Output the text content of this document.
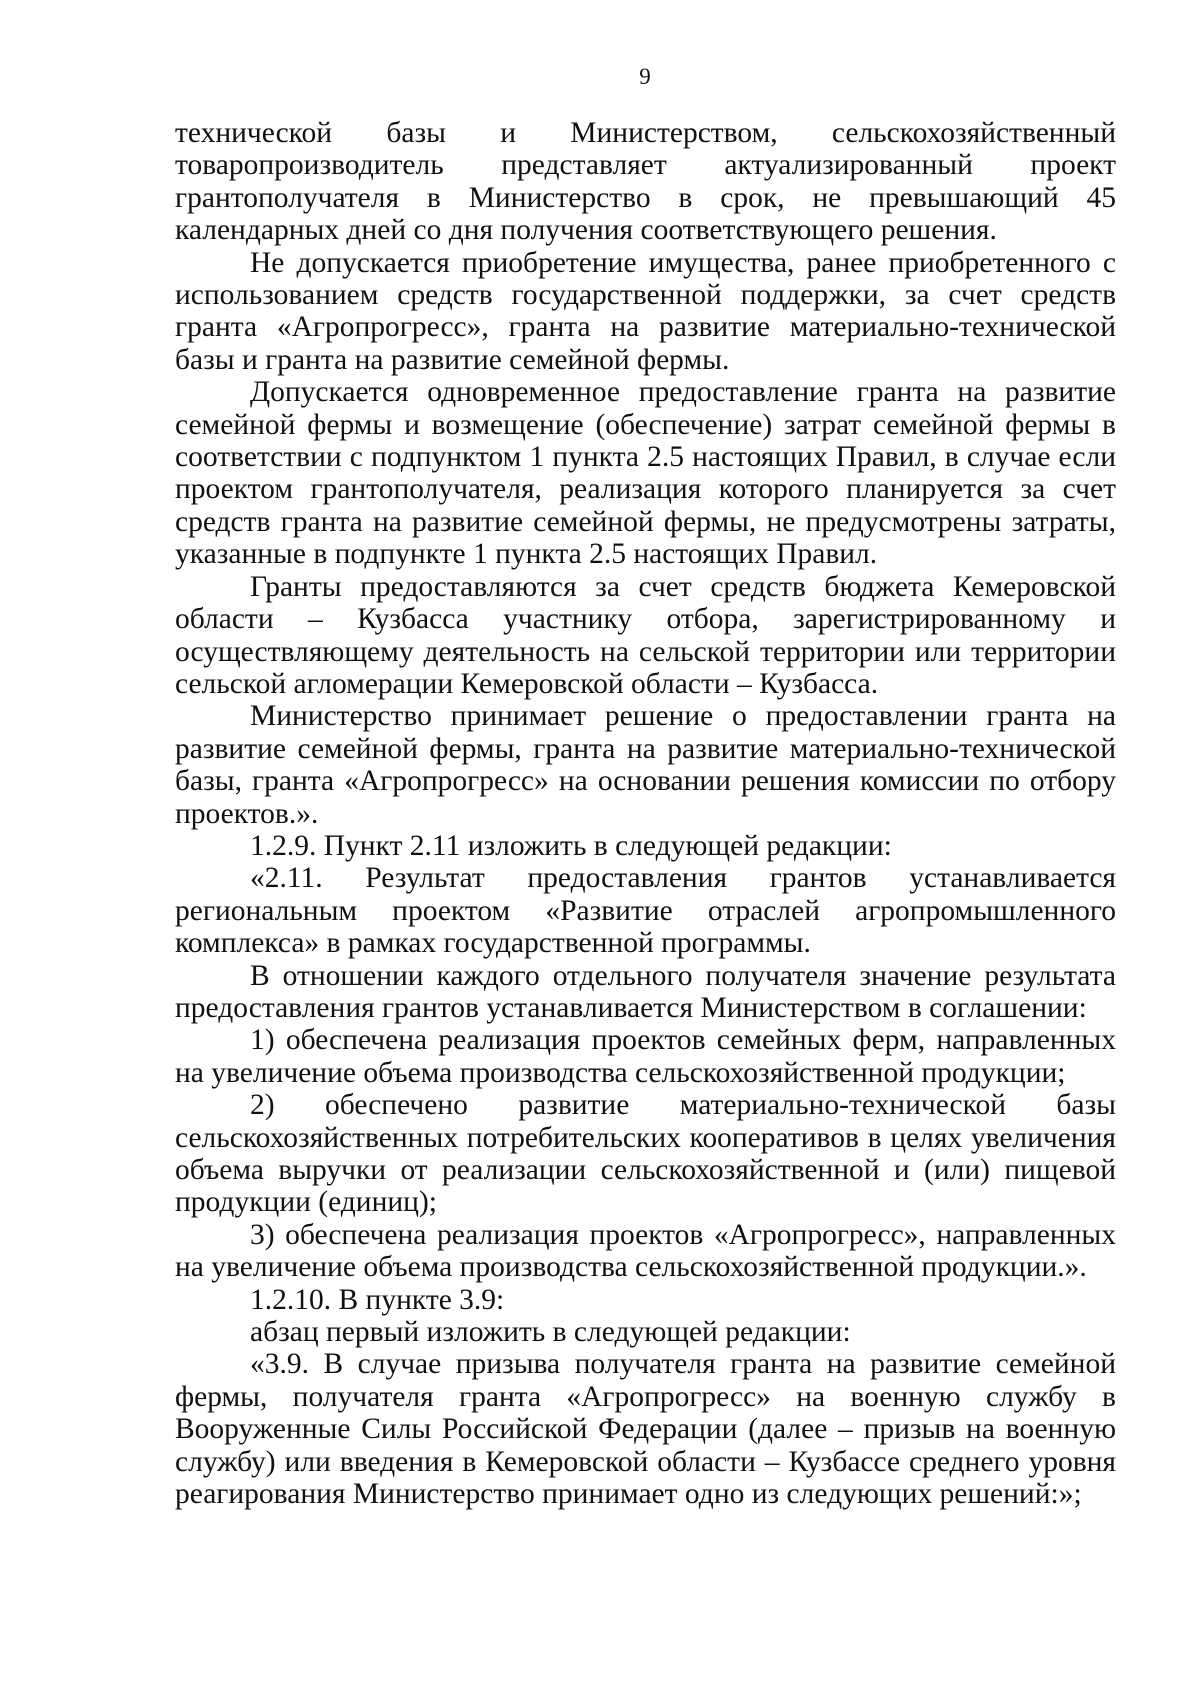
9

технической базы и Министерством, сельскохозяйственный товаропроизводитель представляет актуализированный проект грантополучателя в Министерство в срок, не превышающий 45 календарных дней со дня получения соответствующего решения.

Не допускается приобретение имущества, ранее приобретенного с использованием средств государственной поддержки, за счет средств гранта «Агропрогресс», гранта на развитие материально-технической базы и гранта на развитие семейной фермы.

Допускается одновременное предоставление гранта на развитие семейной фермы и возмещение (обеспечение) затрат семейной фермы в соответствии с подпунктом 1 пункта 2.5 настоящих Правил, в случае если проектом грантополучателя, реализация которого планируется за счет средств гранта на развитие семейной фермы, не предусмотрены затраты, указанные в подпункте 1 пункта 2.5 настоящих Правил.

Гранты предоставляются за счет средств бюджета Кемеровской области – Кузбасса участнику отбора, зарегистрированному и осуществляющему деятельность на сельской территории или территории сельской агломерации Кемеровской области – Кузбасса.

Министерство принимает решение о предоставлении гранта на развитие семейной фермы, гранта на развитие материально-технической базы, гранта «Агропрогресс» на основании решения комиссии по отбору проектов.».

1.2.9. Пункт 2.11 изложить в следующей редакции:

«2.11. Результат предоставления грантов устанавливается региональным проектом «Развитие отраслей агропромышленного комплекса» в рамках государственной программы.

В отношении каждого отдельного получателя значение результата предоставления грантов устанавливается Министерством в соглашении:

1) обеспечена реализация проектов семейных ферм, направленных на увеличение объема производства сельскохозяйственной продукции;

2) обеспечено развитие материально-технической базы сельскохозяйственных потребительских кооперативов в целях увеличения объема выручки от реализации сельскохозяйственной и (или) пищевой продукции (единиц);

3) обеспечена реализация проектов «Агропрогресс», направленных на увеличение объема производства сельскохозяйственной продукции.».

1.2.10. В пункте 3.9:

абзац первый изложить в следующей редакции:

«3.9. В случае призыва получателя гранта на развитие семейной фермы, получателя гранта «Агропрогресс» на военную службу в Вооруженные Силы Российской Федерации (далее – призыв на военную службу) или введения в Кемеровской области – Кузбассе среднего уровня реагирования Министерство принимает одно из следующих решений:»;
